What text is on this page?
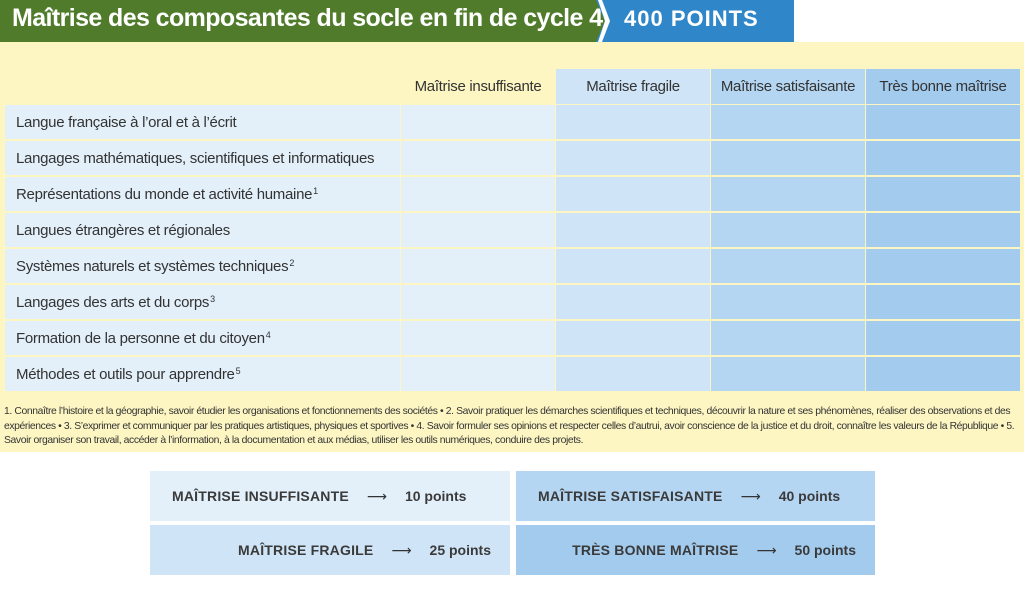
Maîtrise des composantes du socle en fin de cycle 4 400 POINTS
Maîtrise insuffisante	Maîtrise fragile	Maîtrise satisfaisante	Très bonne maîtrise
Langue française à l’oral et à l’écrit
Langages mathématiques, scientifiques et informatiques
Représentations du monde et activité humaine$^1$
Langues étrangères et régionales
Systèmes naturels et systèmes techniques$^2$
Langages des arts et du corps$^3$
Formation de la personne et du citoyen$^4$
Méthodes et outils pour apprendre$^5$
1. Connaître l’histoire et la géographie, savoir étudier les organisations et fonctionnements des sociétés • 2. Savoir pratiquer les démarches scientifiques et techniques, découvrir la nature et ses phénomènes, réaliser des observations et des expériences • 3. S’exprimer et communiquer par les pratiques artistiques, physiques et sportives • 4. Savoir formuler ses opinions et respecter celles d’autrui, avoir conscience de la justice et du droit, connaître les valeurs de la République • 5. Savoir organiser son travail, accéder à l’information, à la documentation et aux médias, utiliser les outils numériques, conduire des projets.
MAÎTRISE INSUFFISANTE ⟶ 10 points
MAÎTRISE FRAGILE ⟶ 25 points
MAÎTRISE SATISFAISANTE ⟶ 40 points
TRÈS BONNE MAÎTRISE ⟶ 50 points
